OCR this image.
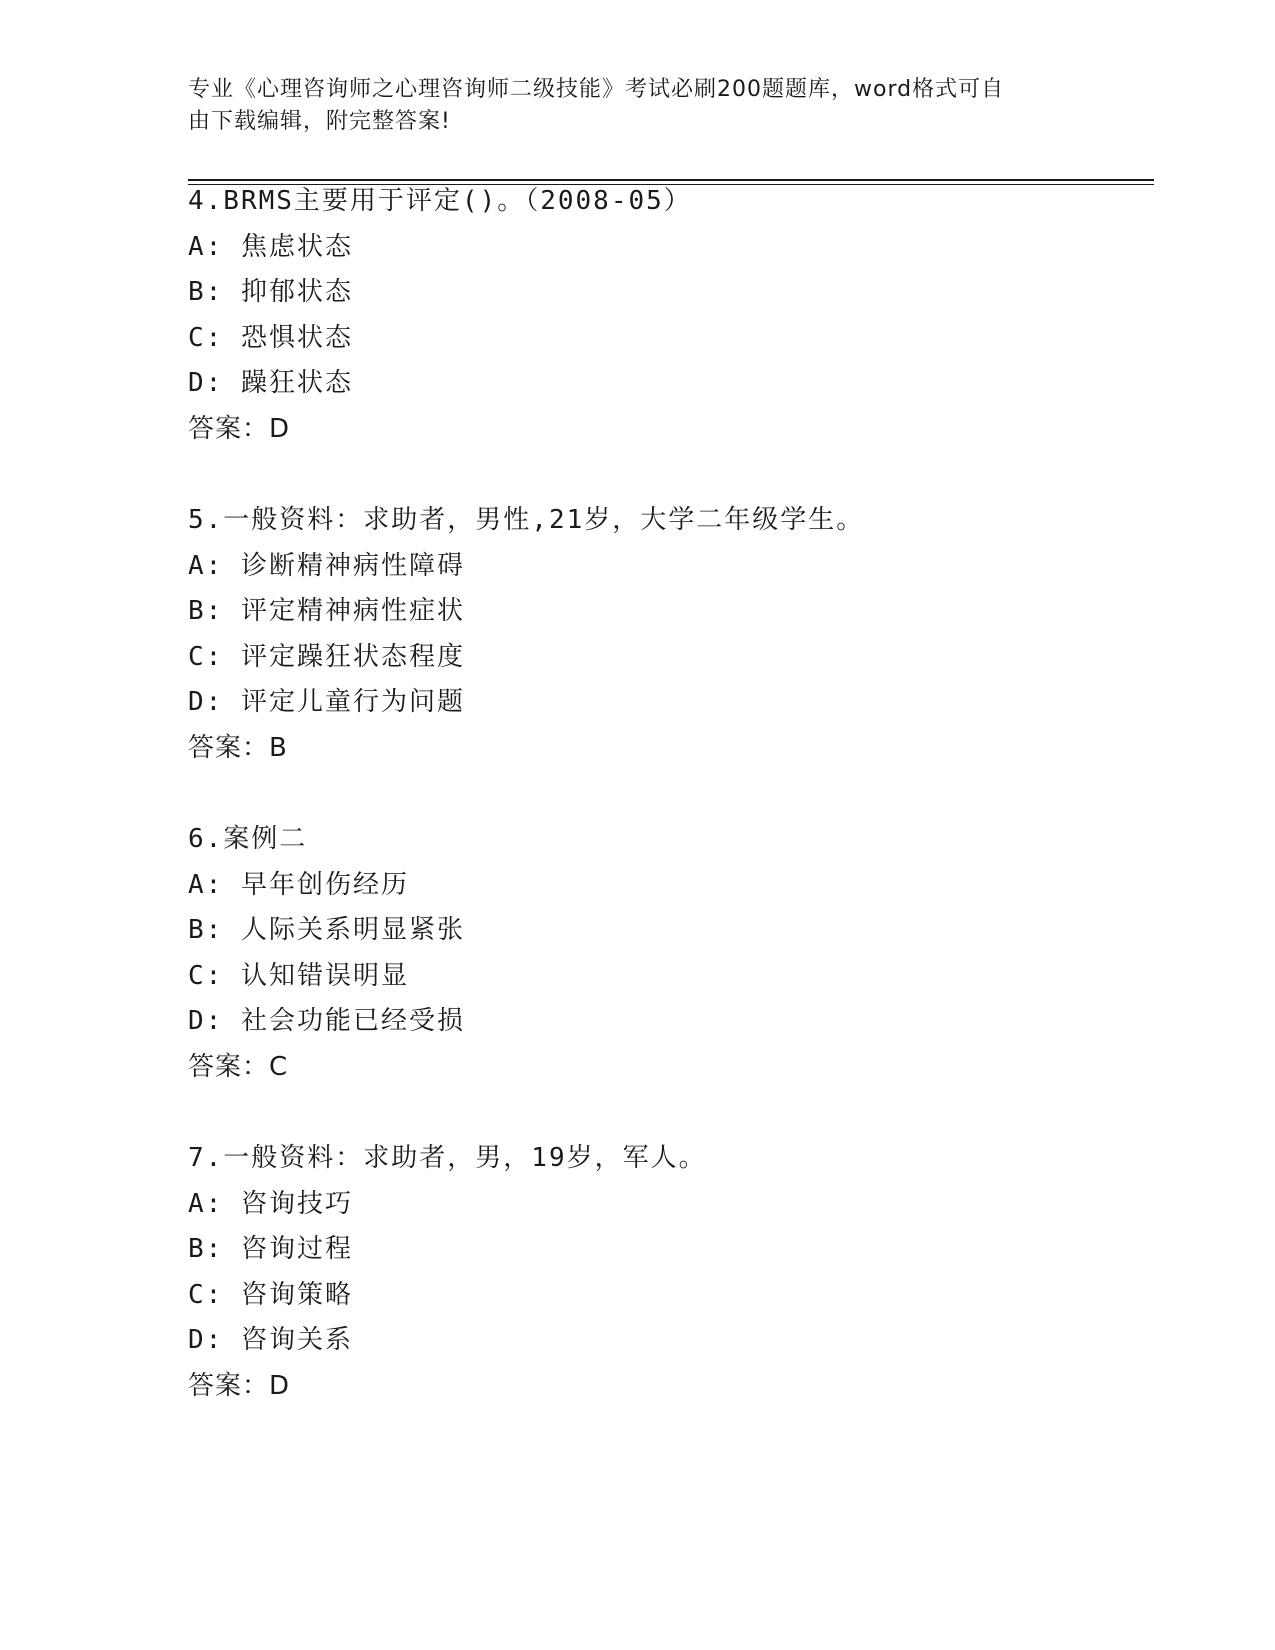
专业《心理咨询师之心理咨询师二级技能》考试必刷200题题库，word格式可自
由下载编辑，附完整答案!
4.BRMS主要用于评定()。（2008-05）
A: 焦虑状态
B: 抑郁状态
C: 恐惧状态
D: 躁狂状态
答案：D
5.一般资料：求助者，男性,21岁，大学二年级学生。
A: 诊断精神病性障碍
B: 评定精神病性症状
C: 评定躁狂状态程度
D: 评定儿童行为问题
答案：B
6.案例二
A: 早年创伤经历
B: 人际关系明显紧张
C: 认知错误明显
D: 社会功能已经受损
答案：C
7.一般资料：求助者，男，19岁，军人。
A: 咨询技巧
B: 咨询过程
C: 咨询策略
D: 咨询关系
答案：D
